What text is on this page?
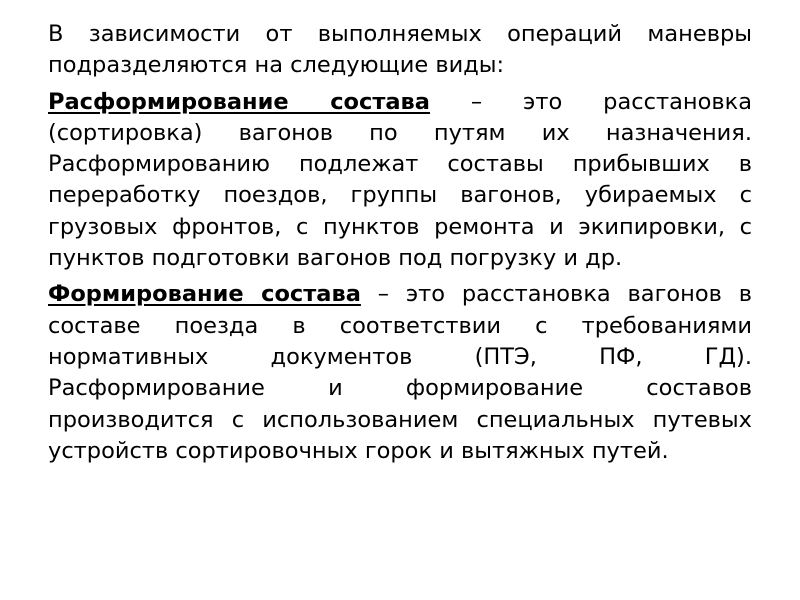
В зависимости от выполняемых операций маневры подразделяются на следующие виды:

Расформирование состава – это расстановка (сортировка) вагонов по путям их назначения. Расформированию подлежат составы прибывших в переработку поездов, группы вагонов, убираемых с грузовых фронтов, с пунктов ремонта и экипировки, с пунктов подготовки вагонов под погрузку и др.

Формирование состава – это расстановка вагонов в составе поезда в соответствии с требованиями нормативных документов (ПТЭ, ПФ, ГД). Расформирование и формирование составов производится с использованием специальных путевых устройств сортировочных горок и вытяжных путей.
